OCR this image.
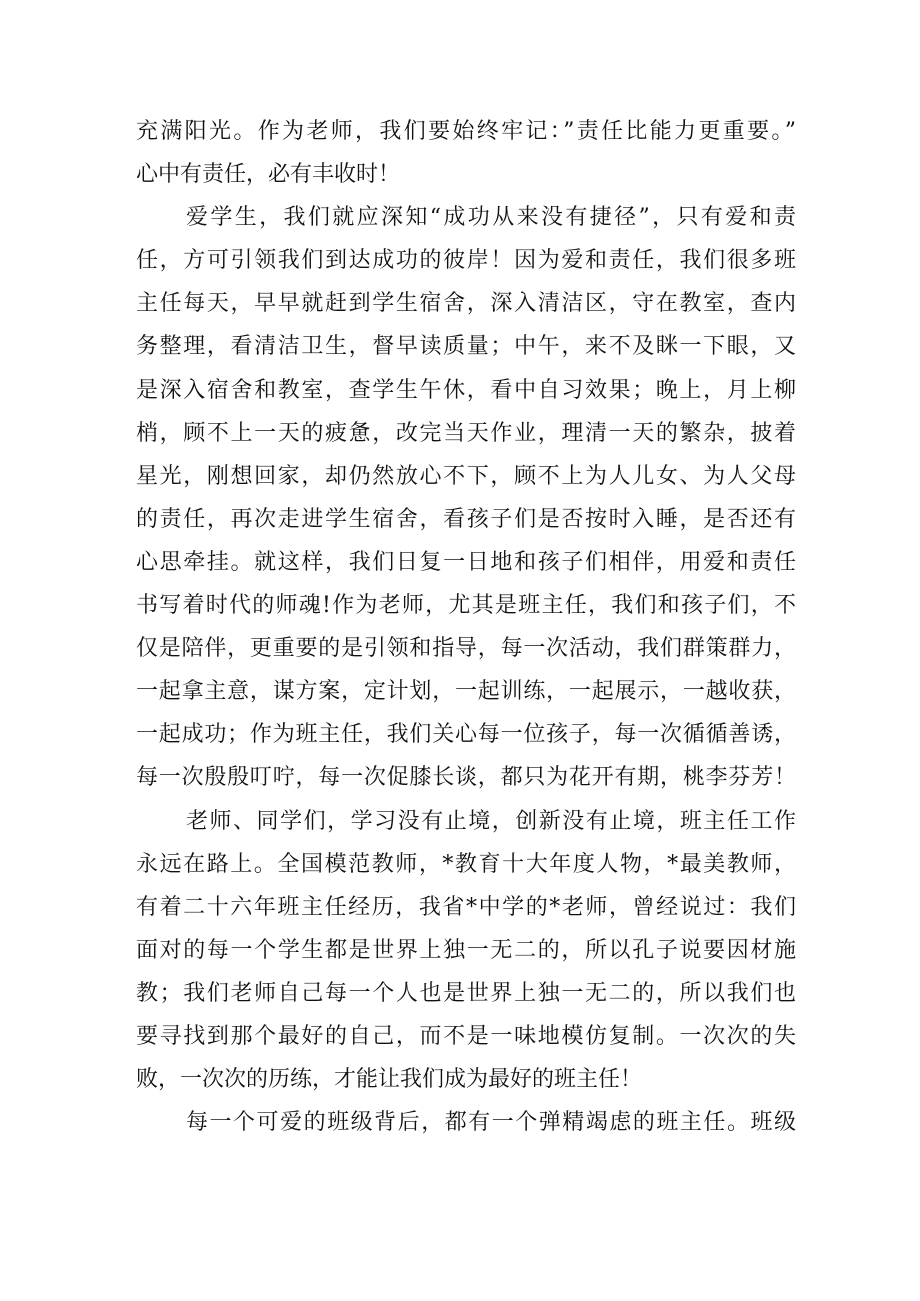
充满阳光。作为老师，我们要始终牢记：”责任比能力更重要。”
心中有责任，必有丰收时！
爱学生，我们就应深知“成功从来没有捷径”，只有爱和责
任，方可引领我们到达成功的彼岸！因为爱和责任，我们很多班
主任每天，早早就赶到学生宿舍，深入清洁区，守在教室，查内
务整理，看清洁卫生，督早读质量；中午，来不及眯一下眼，又
是深入宿舍和教室，查学生午休，看中自习效果；晚上，月上柳
梢，顾不上一天的疲惫，改完当天作业，理清一天的繁杂，披着
星光，刚想回家，却仍然放心不下，顾不上为人儿女、为人父母
的责任，再次走进学生宿舍，看孩子们是否按时入睡，是否还有
心思牵挂。就这样，我们日复一日地和孩子们相伴，用爱和责任
书写着时代的师魂!作为老师，尤其是班主任，我们和孩子们，不
仅是陪伴，更重要的是引领和指导，每一次活动，我们群策群力，
一起拿主意，谋方案，定计划，一起训练，一起展示，一越收获，
一起成功；作为班主任，我们关心每一位孩子，每一次循循善诱，
每一次殷殷叮咛，每一次促膝长谈，都只为花开有期，桃李芬芳！
老师、同学们，学习没有止境，创新没有止境，班主任工作
永远在路上。全国模范教师，*教育十大年度人物，*最美教师，
有着二十六年班主任经历，我省*中学的*老师，曾经说过：我们
面对的每一个学生都是世界上独一无二的，所以孔子说要因材施
教；我们老师自己每一个人也是世界上独一无二的，所以我们也
要寻找到那个最好的自己，而不是一味地模仿复制。一次次的失
败，一次次的历练，才能让我们成为最好的班主任！
每一个可爱的班级背后，都有一个弹精竭虑的班主任。班级
